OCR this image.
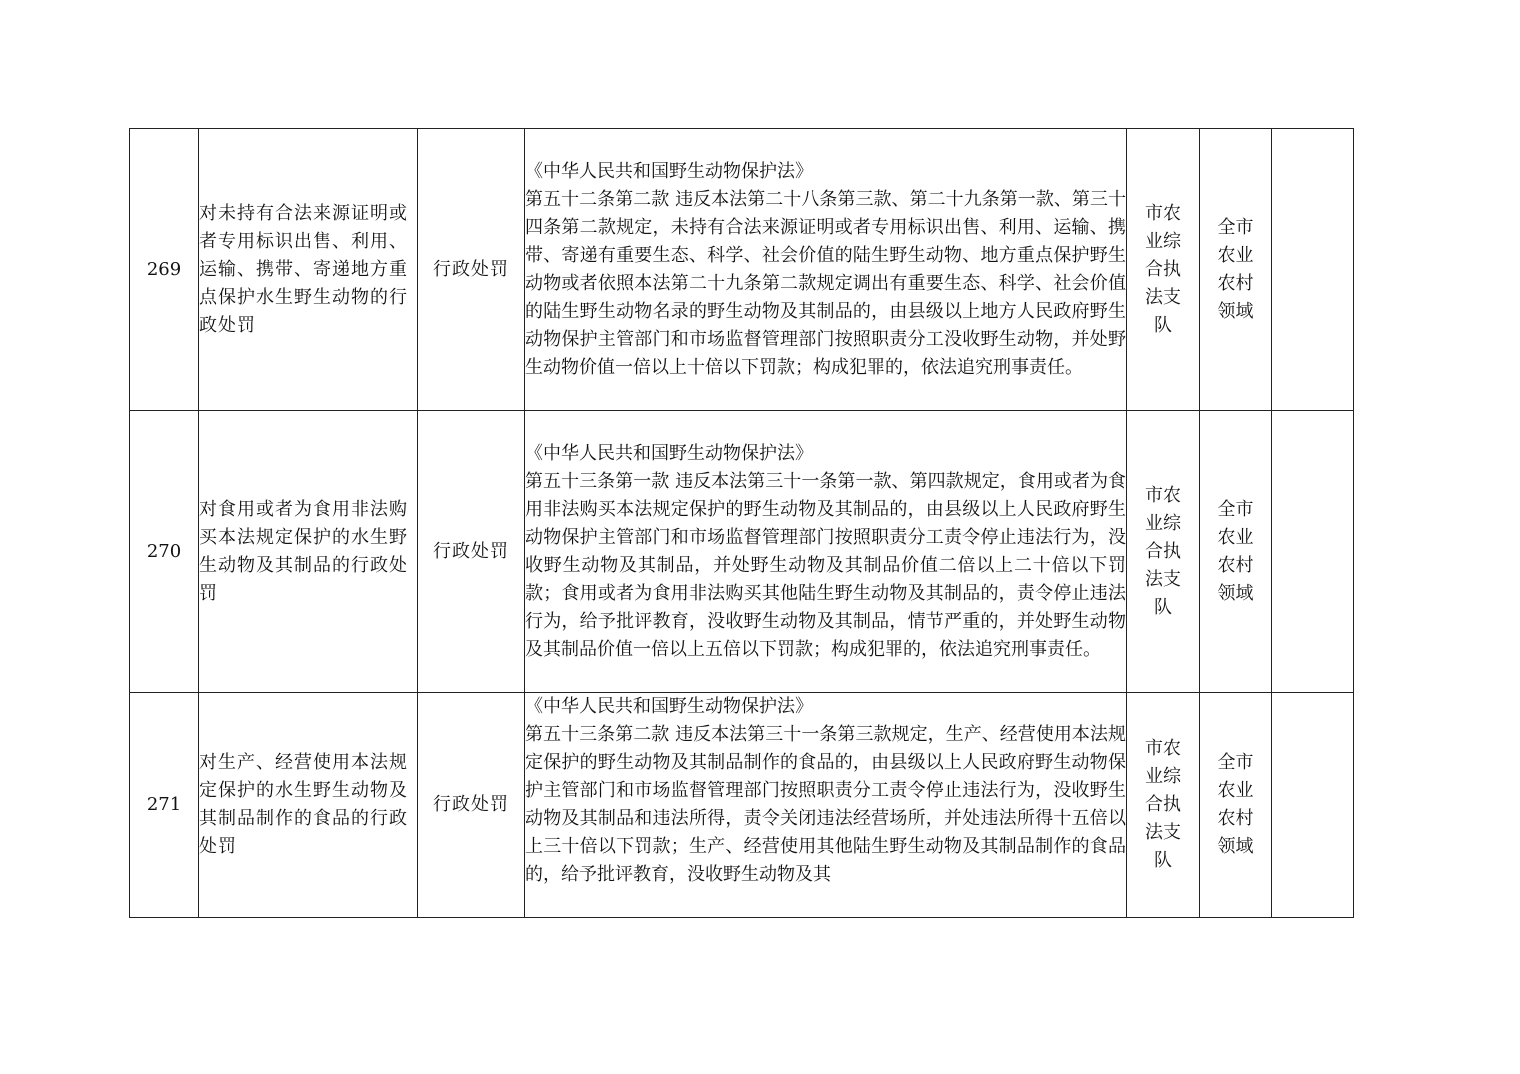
269	对未持有合法来源证明或者专用标识出售、利用、运输、携带、寄递地方重点保护水生野生动物的行政处罚	行政处罚	《中华人民共和国野生动物保护法》
第五十二条第二款 违反本法第二十八条第三款、第二十九条第一款、第三十四条第二款规定，未持有合法来源证明或者专用标识出售、利用、运输、携带、寄递有重要生态、科学、社会价值的陆生野生动物、地方重点保护野生动物或者依照本法第二十九条第二款规定调出有重要生态、科学、社会价值的陆生野生动物名录的野生动物及其制品的，由县级以上地方人民政府野生动物保护主管部门和市场监督管理部门按照职责分工没收野生动物，并处野生动物价值一倍以上十倍以下罚款；构成犯罪的，依法追究刑事责任。	市农业综合执法支队	全市农业农村领域	
270	对食用或者为食用非法购买本法规定保护的水生野生动物及其制品的行政处罚	行政处罚	《中华人民共和国野生动物保护法》
第五十三条第一款 违反本法第三十一条第一款、第四款规定，食用或者为食用非法购买本法规定保护的野生动物及其制品的，由县级以上人民政府野生动物保护主管部门和市场监督管理部门按照职责分工责令停止违法行为，没收野生动物及其制品，并处野生动物及其制品价值二倍以上二十倍以下罚款；食用或者为食用非法购买其他陆生野生动物及其制品的，责令停止违法行为，给予批评教育，没收野生动物及其制品，情节严重的，并处野生动物及其制品价值一倍以上五倍以下罚款；构成犯罪的，依法追究刑事责任。	市农业综合执法支队	全市农业农村领域	
271	对生产、经营使用本法规定保护的水生野生动物及其制品制作的食品的行政处罚	行政处罚	《中华人民共和国野生动物保护法》
第五十三条第二款 违反本法第三十一条第三款规定，生产、经营使用本法规定保护的野生动物及其制品制作的食品的，由县级以上人民政府野生动物保护主管部门和市场监督管理部门按照职责分工责令停止违法行为，没收野生动物及其制品和违法所得，责令关闭违法经营场所，并处违法所得十五倍以上三十倍以下罚款；生产、经营使用其他陆生野生动物及其制品制作的食品的，给予批评教育，没收野生动物及其	市农业综合执法支队	全市农业农村领域	
